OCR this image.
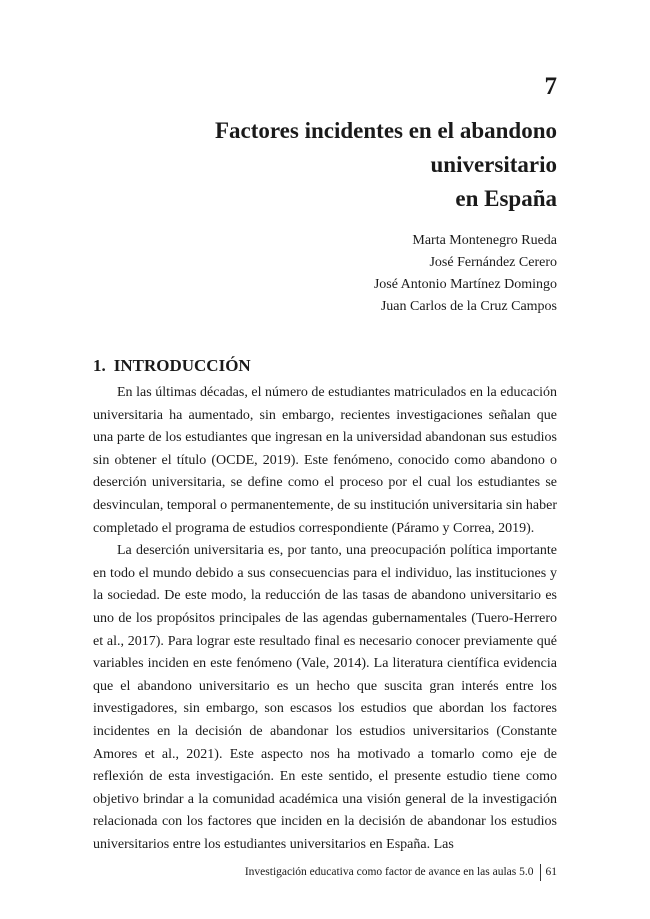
7
Factores incidentes en el abandono universitario
en España
Marta Montenegro Rueda
José Fernández Cerero
José Antonio Martínez Domingo
Juan Carlos de la Cruz Campos
1. INTRODUCCIÓN

En las últimas décadas, el número de estudiantes matriculados en la educación universitaria ha aumentado, sin embargo, recientes investigaciones señalan que una parte de los estudiantes que ingresan en la universidad abandonan sus estudios sin obtener el título (OCDE, 2019). Este fenómeno, conocido como abandono o deserción universitaria, se define como el proceso por el cual los estudiantes se desvinculan, temporal o permanentemente, de su institución universitaria sin haber completado el programa de estudios correspondiente (Páramo y Correa, 2019).

La deserción universitaria es, por tanto, una preocupación política importante en todo el mundo debido a sus consecuencias para el individuo, las instituciones y la sociedad. De este modo, la reducción de las tasas de abandono universitario es uno de los propósitos principales de las agendas gubernamentales (Tuero-Herrero et al., 2017). Para lograr este resultado final es necesario conocer previamente qué variables inciden en este fenómeno (Vale, 2014). La literatura científica evidencia que el abandono universitario es un hecho que suscita gran interés entre los investigadores, sin embargo, son escasos los estudios que abordan los factores incidentes en la decisión de abandonar los estudios universitarios (Constante Amores et al., 2021). Este aspecto nos ha motivado a tomarlo como eje de reflexión de esta investigación. En este sentido, el presente estudio tiene como objetivo brindar a la comunidad académica una visión general de la investigación relacionada con los factores que inciden en la decisión de abandonar los estudios universitarios entre los estudiantes universitarios en España. Las

Investigación educativa como factor de avance en las aulas 5.0 61
